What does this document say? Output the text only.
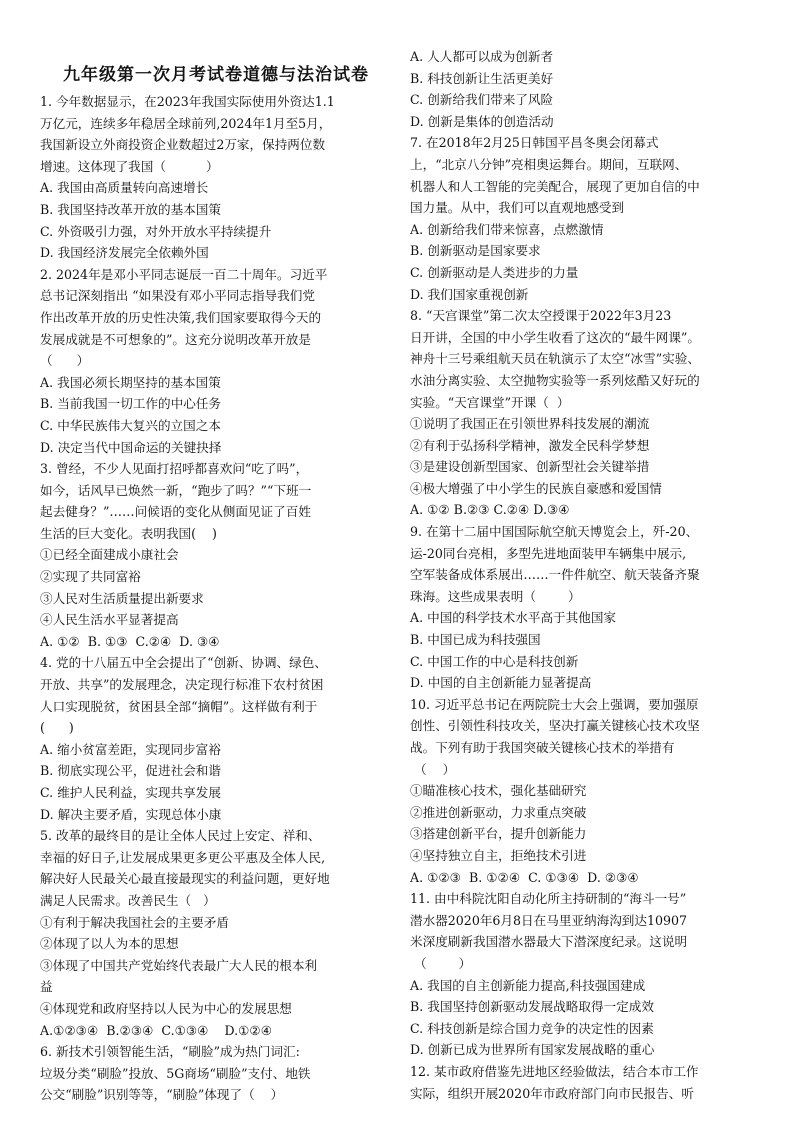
九年级第一次月考试卷道德与法治试卷
1. 今年数据显示，在2023年我国实际使用外资达1.1
万亿元，连续多年稳居全球前列,2024年1月至5月，
我国新设立外商投资企业数超过2万家，保持两位数
增速。这体现了我国（          ）
A. 我国由高质量转向高速增长
B. 我国坚持改革开放的基本国策
C. 外资吸引力强，对外开放水平持续提升
D. 我国经济发展完全依赖外国
2. 2024年是邓小平同志诞辰一百二十周年。习近平
总书记深刻指出 “如果没有邓小平同志指导我们党
作出改革开放的历史性决策,我们国家要取得今天的
发展成就是不可想象的”。这充分说明改革开放是
（      ）
A. 我国必须长期坚持的基本国策
B. 当前我国一切工作的中心任务
C. 中华民族伟大复兴的立国之本
D. 决定当代中国命运的关键抉择
3. 曾经，不少人见面打招呼都喜欢问“吃了吗”，
如今，话风早已焕然一新，“跑步了吗？”“下班一
起去健身？”……问候语的变化从侧面见证了百姓
生活的巨大变化。表明我国(    )
①已经全面建成小康社会
②实现了共同富裕
③人民对生活质量提出新要求
④人民生活水平显著提高
A. ①②  B. ①③  C.②④  D. ③④
4. 党的十八届五中全会提出了“创新、协调、绿色、
开放、共享”的发展理念，决定现行标准下农村贫困
人口实现脱贫，贫困县全部“摘帽”。这样做有利于
(      )
A. 缩小贫富差距，实现同步富裕
B. 彻底实现公平，促进社会和谐
C. 维护人民利益，实现共享发展
D. 解决主要矛盾，实现总体小康
5. 改革的最终目的是让全体人民过上安定、祥和、
幸福的好日子,让发展成果更多更公平惠及全体人民,
解决好人民最关心最直接最现实的利益问题，更好地
满足人民需求。改善民生（   ）
①有利于解决我国社会的主要矛盾
②体现了以人为本的思想
③体现了中国共产党始终代表最广大人民的根本利
益
④体现党和政府坚持以人民为中心的发展思想
A.①②③④  B.②③④  C.①③④    D.①②④
6. 新技术引领智能生活，“刷脸”成为热门词汇:
垃圾分类“刷脸”投放、5G商场“刷脸”支付、地铁
公交“刷脸”识别等等，“刷脸”体现了（    ）
A. 人人都可以成为创新者
B. 科技创新让生活更美好
C. 创新给我们带来了风险
D. 创新是集体的创造活动
7. 在2018年2月25日韩国平昌冬奥会闭幕式
上，“北京八分钟”亮相奥运舞台。期间，互联网、
机器人和人工智能的完美配合，展现了更加自信的中
国力量。从中，我们可以直观地感受到
A. 创新给我们带来惊喜，点燃激情
B. 创新驱动是国家要求
C. 创新驱动是人类进步的力量
D. 我们国家重视创新
8. “天宫课堂”第二次太空授课于2022年3月23
日开讲，全国的中小学生收看了这次的“最牛网课”。
神舟十三号乘组航天员在轨演示了太空“冰雪”实验、
水油分离实验、太空抛物实验等一系列炫酷又好玩的
实验。“天宫课堂”开课（  ）
①说明了我国正在引领世界科技发展的潮流
②有利于弘扬科学精神，激发全民科学梦想
③是建设创新型国家、创新型社会关键举措
④极大增强了中小学生的民族自豪感和爱国情
A. ①② B.②③ C.②④ D.③④
9. 在第十二届中国国际航空航天博览会上，歼-20、
运-20同台亮相，多型先进地面装甲车辆集中展示,
空军装备成体系展出……一件件航空、航天装备齐聚
珠海。这些成果表明（        ）
A. 中国的科学技术水平高于其他国家
B. 中国已成为科技强国
C. 中国工作的中心是科技创新
D. 中国的自主创新能力显著提高
10. 习近平总书记在两院院士大会上强调，要加强原
创性、引领性科技攻关，坚决打赢关键核心技术攻坚
战。下列有助于我国突破关键核心技术的举措有
（    ）
①瞄准核心技术，强化基础研究
②推进创新驱动，力求重点突破
③搭建创新平台，提升创新能力
④坚持独立自主，拒绝技术引进
A. ①②③  B. ①②④  C. ①③④  D. ②③④
11. 由中科院沈阳自动化所主持研制的“海斗一号”
潜水器2020年6月8日在马里亚纳海沟到达10907
米深度刷新我国潜水器最大下潜深度纪录。这说明
（        ）
A. 我国的自主创新能力提高,科技强国建成
B. 我国坚持创新驱动发展战略取得一定成效
C. 科技创新是综合国力竞争的决定性的因素
D. 创新已成为世界所有国家发展战略的重心
12. 某市政府借鉴先进地区经验做法，结合本市工作
实际，组织开展2020年市政府部门向市民报告、听
